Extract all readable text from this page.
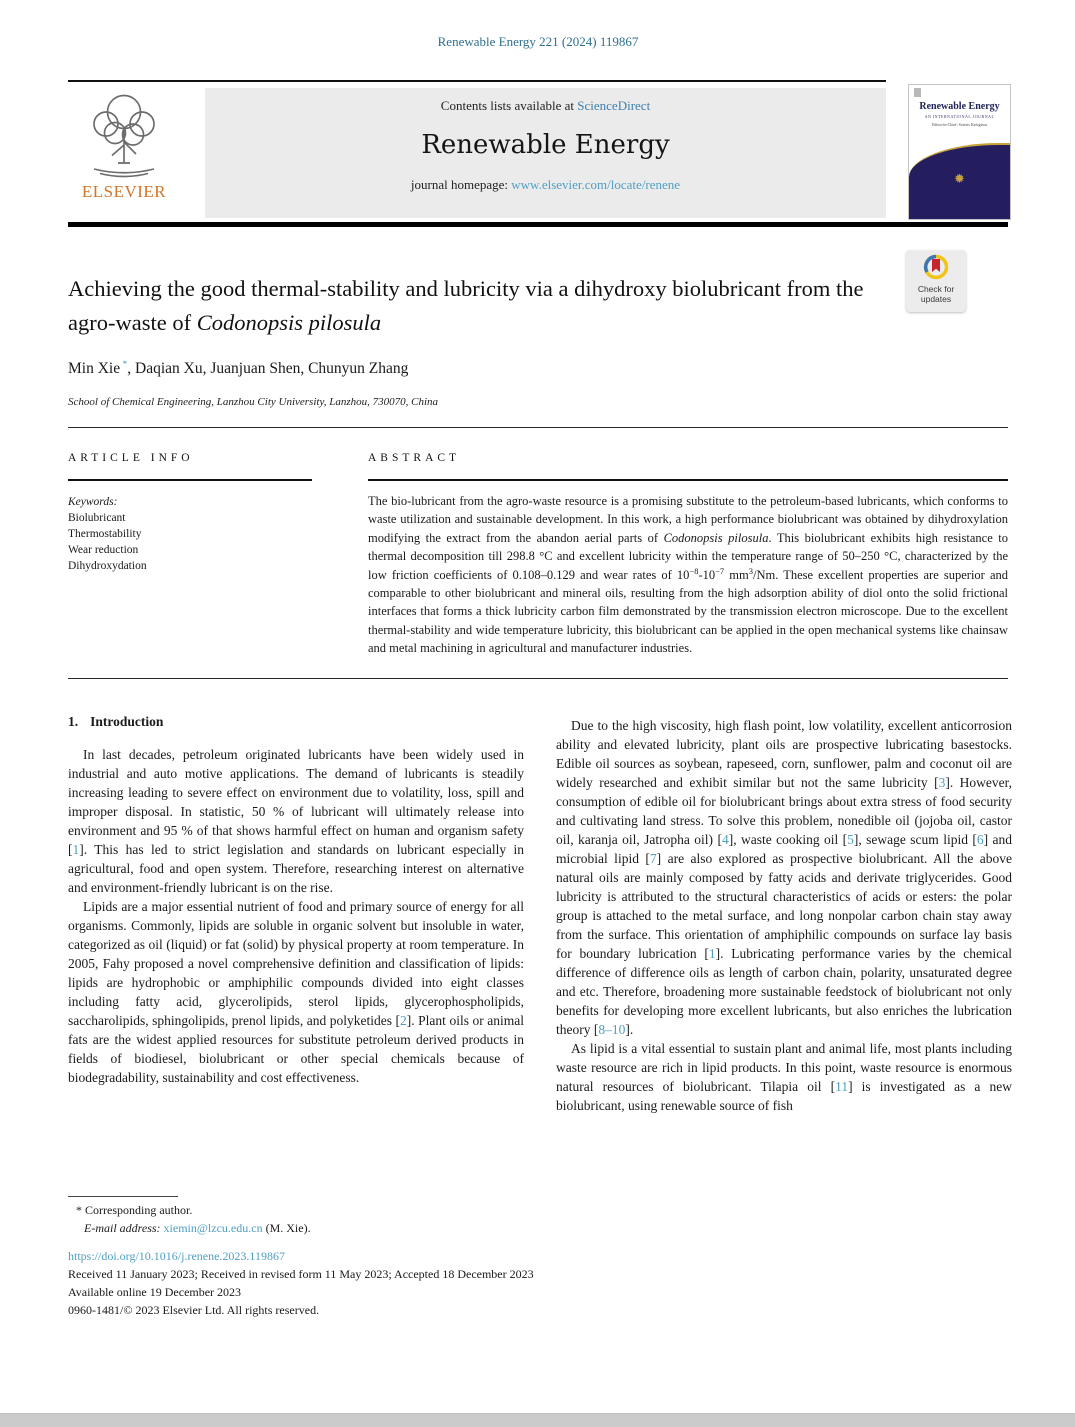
Renewable Energy 221 (2024) 119867
ELSEVIER
Contents lists available at ScienceDirect
Renewable Energy
journal homepage: www.elsevier.com/locate/renene
Renewable Energy
AN INTERNATIONAL JOURNAL
Editor-in-Chief: Soteris Kalogirou
✹
Achieving the good thermal-stability and lubricity via a dihydroxy biolubricant from the agro-waste of Codonopsis pilosula
Check for
updates
Min Xie *, Daqian Xu, Juanjuan Shen, Chunyun Zhang
School of Chemical Engineering, Lanzhou City University, Lanzhou, 730070, China
ARTICLE INFO	ABSTRACT
Keywords:
Biolubricant
Thermostability
Wear reduction
Dihydroxydation
The bio-lubricant from the agro-waste resource is a promising substitute to the petroleum-based lubricants, which conforms to waste utilization and sustainable development. In this work, a high performance biolubricant was obtained by dihydroxylation modifying the extract from the abandon aerial parts of Codonopsis pilosula. This biolubricant exhibits high resistance to thermal decomposition till 298.8 °C and excellent lubricity within the temperature range of 50–250 °C, characterized by the low friction coefficients of 0.108–0.129 and wear rates of $10^{-8}-10^{-7}$ $mm^3/Nm$. These excellent properties are superior and comparable to other biolubricant and mineral oils, resulting from the high adsorption ability of diol onto the solid frictional interfaces that forms a thick lubricity carbon film demonstrated by the transmission electron microscope. Due to the excellent thermal-stability and wide temperature lubricity, this biolubricant can be applied in the open mechanical systems like chainsaw and metal machining in agricultural and manufacturer industries.
1. Introduction

In last decades, petroleum originated lubricants have been widely used in industrial and auto motive applications. The demand of lubricants is steadily increasing leading to severe effect on environment due to volatility, loss, spill and improper disposal. In statistic, 50 % of lubricant will ultimately release into environment and 95 % of that shows harmful effect on human and organism safety [1]. This has led to strict legislation and standards on lubricant especially in agricultural, food and open system. Therefore, researching interest on alternative and environment-friendly lubricant is on the rise.

Lipids are a major essential nutrient of food and primary source of energy for all organisms. Commonly, lipids are soluble in organic solvent but insoluble in water, categorized as oil (liquid) or fat (solid) by physical property at room temperature. In 2005, Fahy proposed a novel comprehensive definition and classification of lipids: lipids are hydrophobic or amphiphilic compounds divided into eight classes including fatty acid, glycerolipids, sterol lipids, glycerophospholipids, saccharolipids, sphingolipids, prenol lipids, and polyketides [2]. Plant oils or animal fats are the widest applied resources for substitute petroleum derived products in fields of biodiesel, biolubricant or other special chemicals because of biodegradability, sustainability and cost effectiveness.

Due to the high viscosity, high flash point, low volatility, excellent anticorrosion ability and elevated lubricity, plant oils are prospective lubricating basestocks. Edible oil sources as soybean, rapeseed, corn, sunflower, palm and coconut oil are widely researched and exhibit similar but not the same lubricity [3]. However, consumption of edible oil for biolubricant brings about extra stress of food security and cultivating land stress. To solve this problem, nonedible oil (jojoba oil, castor oil, karanja oil, Jatropha oil) [4], waste cooking oil [5], sewage scum lipid [6] and microbial lipid [7] are also explored as prospective biolubricant. All the above natural oils are mainly composed by fatty acids and derivate triglycerides. Good lubricity is attributed to the structural characteristics of acids or esters: the polar group is attached to the metal surface, and long nonpolar carbon chain stay away from the surface. This orientation of amphiphilic compounds on surface lay basis for boundary lubrication [1]. Lubricating performance varies by the chemical difference of difference oils as length of carbon chain, polarity, unsaturated degree and etc. Therefore, broadening more sustainable feedstock of biolubricant not only benefits for developing more excellent lubricants, but also enriches the lubrication theory [8–10].

As lipid is a vital essential to sustain plant and animal life, most plants including waste resource are rich in lipid products. In this point, waste resource is enormous natural resources of biolubricant. Tilapia oil [11] is investigated as a new biolubricant, using renewable source of fish

* Corresponding author.
E-mail address: xiemin@lzcu.edu.cn (M. Xie).
https://doi.org/10.1016/j.renene.2023.119867
Received 11 January 2023; Received in revised form 11 May 2023; Accepted 18 December 2023
Available online 19 December 2023
0960-1481/© 2023 Elsevier Ltd. All rights reserved.
